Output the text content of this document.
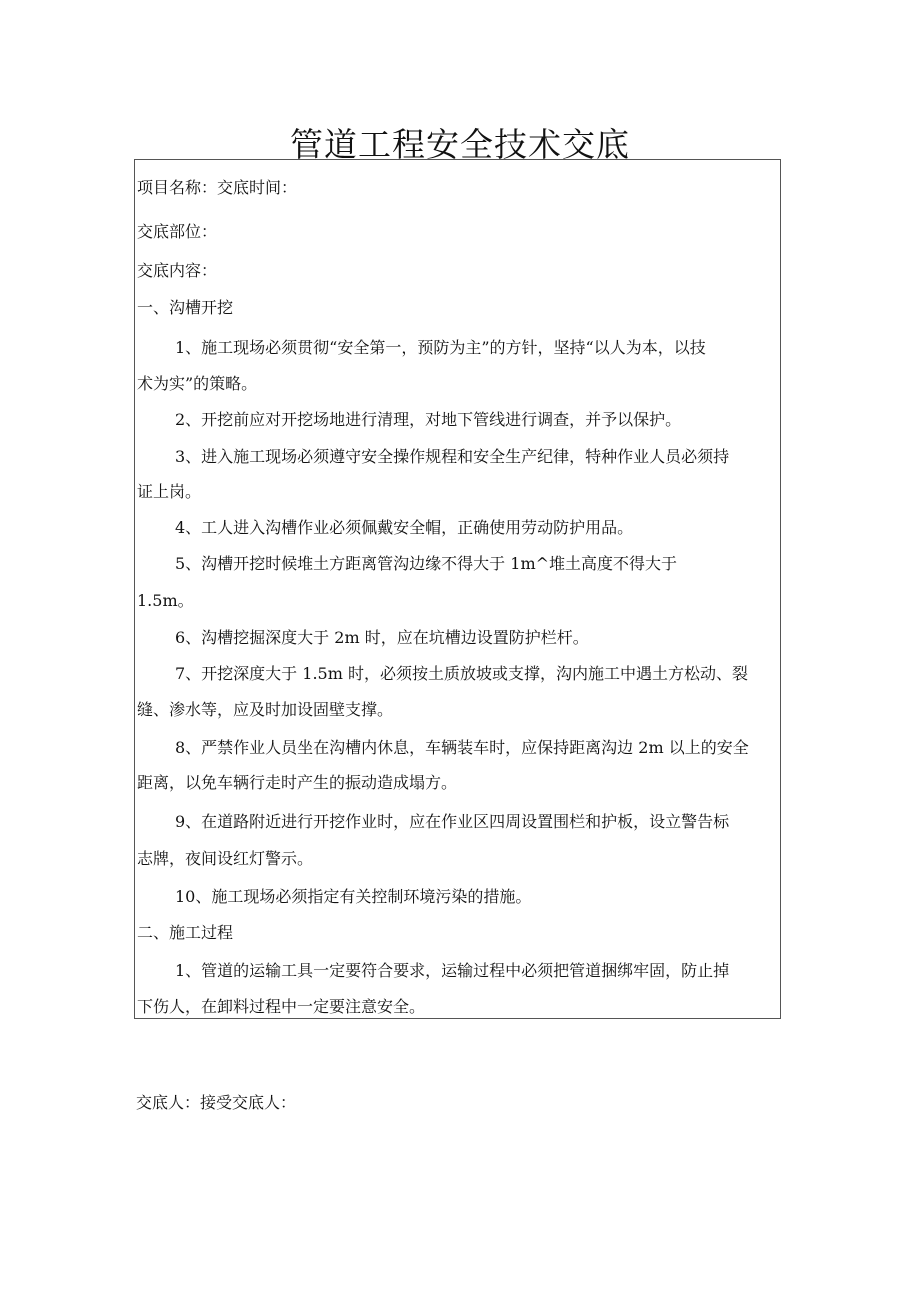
管道工程安全技术交底
项目名称：交底时间：
交底部位：
交底内容：
一、沟槽开挖
1、施工现场必须贯彻“安全第一，预防为主”的方针，坚持“以人为本，以技
术为实”的策略。
2、开挖前应对开挖场地进行清理，对地下管线进行调查，并予以保护。
3、进入施工现场必须遵守安全操作规程和安全生产纪律，特种作业人员必须持
证上岗。
4、工人进入沟槽作业必须佩戴安全帽，正确使用劳动防护用品。
5、沟槽开挖时候堆土方距离管沟边缘不得大于 1m^堆土高度不得大于
1.5m。
6、沟槽挖掘深度大于 2m 时，应在坑槽边设置防护栏杆。
7、开挖深度大于 1.5m 时，必须按土质放坡或支撑，沟内施工中遇土方松动、裂
缝、渗水等，应及时加设固壁支撑。
8、严禁作业人员坐在沟槽内休息，车辆装车时，应保持距离沟边 2m 以上的安全
距离，以免车辆行走时产生的振动造成塌方。
9、在道路附近进行开挖作业时，应在作业区四周设置围栏和护板，设立警告标
志牌，夜间设红灯警示。
10、施工现场必须指定有关控制环境污染的措施。
二、施工过程
1、管道的运输工具一定要符合要求，运输过程中必须把管道捆绑牢固，防止掉
下伤人，在卸料过程中一定要注意安全。
交底人：接受交底人：
